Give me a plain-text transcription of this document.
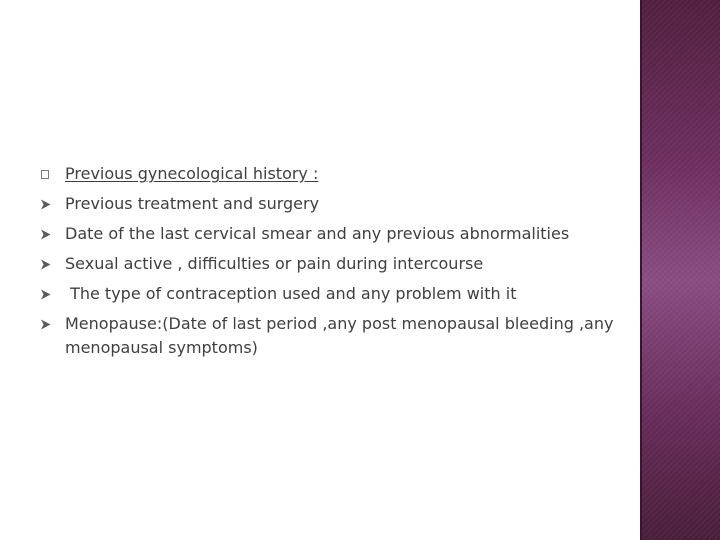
Previous gynecological history :
Previous treatment and surgery
Date of the last cervical smear and any previous abnormalities
Sexual active , difficulties or pain during intercourse
The type of contraception used and any problem with it
Menopause:(Date of last period ,any post menopausal bleeding ,any menopausal symptoms)
